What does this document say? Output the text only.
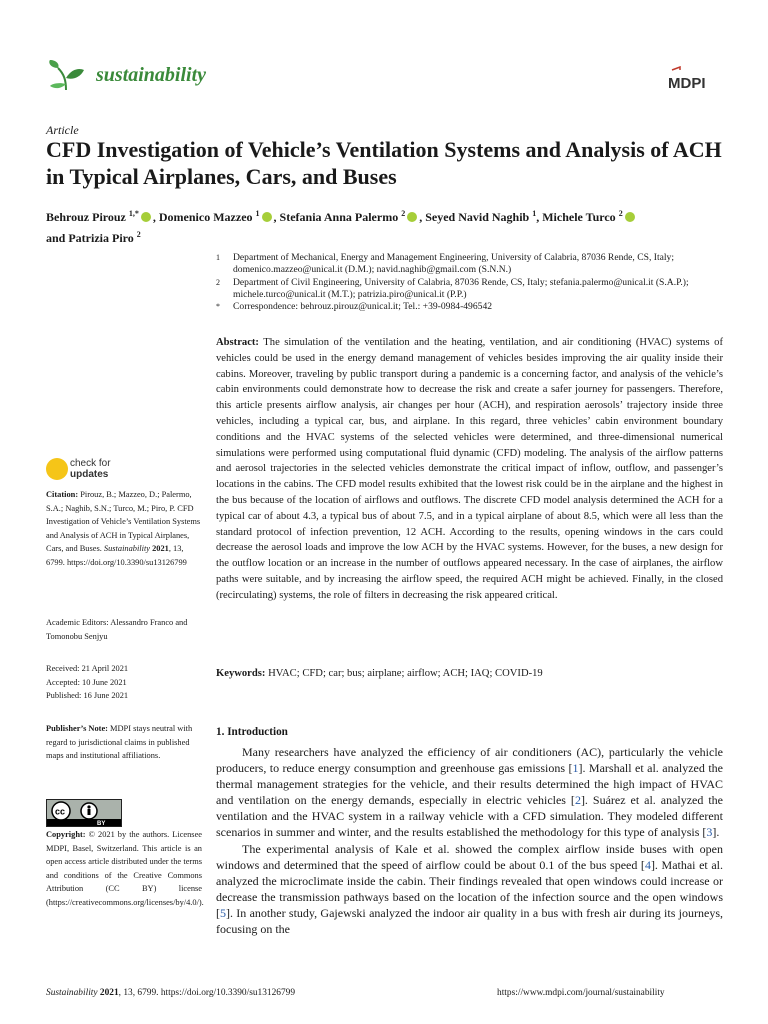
sustainability	MDPI
Article
CFD Investigation of Vehicle’s Ventilation Systems and Analysis of ACH in Typical Airplanes, Cars, and Buses
Behrouz Pirouz $^{1,*}$ , Domenico Mazzeo $^1$ , Stefania Anna Palermo $^2$ , Seyed Navid Naghib $^1$, Michele Turco $^2$
and Patrizia Piro $^2$
1	Department of Mechanical, Energy and Management Engineering, University of Calabria, 87036 Rende, CS, Italy; domenico.mazzeo@unical.it (D.M.); navid.naghib@gmail.com (S.N.N.)
2	Department of Civil Engineering, University of Calabria, 87036 Rende, CS, Italy; stefania.palermo@unical.it (S.A.P.); michele.turco@unical.it (M.T.); patrizia.piro@unical.it (P.P.)
*	Correspondence: behrouz.pirouz@unical.it; Tel.: +39-0984-496542
Abstract: The simulation of the ventilation and the heating, ventilation, and air conditioning (HVAC) systems of vehicles could be used in the energy demand management of vehicles besides improving the air quality inside their cabins. Moreover, traveling by public transport during a pandemic is a concerning factor, and analysis of the vehicle’s cabin environments could demonstrate how to decrease the risk and create a safer journey for passengers. Therefore, this article presents airflow analysis, air changes per hour (ACH), and respiration aerosols’ trajectory inside three vehicles, including a typical car, bus, and airplane. In this regard, three vehicles’ cabin environment boundary conditions and the HVAC systems of the selected vehicles were determined, and three-dimensional numerical simulations were performed using computational fluid dynamic (CFD) modeling. The analysis of the airflow patterns and aerosol trajectories in the selected vehicles demonstrate the critical impact of inflow, outflow, and passenger’s locations in the cabins. The CFD model results exhibited that the lowest risk could be in the airplane and the highest in the bus because of the location of airflows and outflows. The discrete CFD model analysis determined the ACH for a typical car of about 4.3, a typical bus of about 7.5, and in a typical airplane of about 8.5, which were all less than the standard protocol of infection prevention, 12 ACH. According to the results, opening windows in the cars could decrease the aerosol loads and improve the low ACH by the HVAC systems. However, for the buses, a new design for the outflow location or an increase in the number of outflows appeared necessary. In the case of airplanes, the airflow paths were suitable, and by increasing the airflow speed, the required ACH might be achieved. Finally, in the closed (recirculating) systems, the role of filters in decreasing the risk appeared critical.
Keywords: HVAC; CFD; car; bus; airplane; airflow; ACH; IAQ; COVID-19
check for
updates
Citation: Pirouz, B.; Mazzeo, D.; Palermo, S.A.; Naghib, S.N.; Turco, M.; Piro, P. CFD Investigation of Vehicle’s Ventilation Systems and Analysis of ACH in Typical Airplanes, Cars, and Buses. Sustainability 2021, 13, 6799. https://doi.org/10.3390/su13126799
Academic Editors: Alessandro Franco and Tomonobu Senjyu
Received: 21 April 2021
Accepted: 10 June 2021
Published: 16 June 2021
Publisher’s Note: MDPI stays neutral with regard to jurisdictional claims in published maps and institutional affiliations.
cc
BY
Copyright: © 2021 by the authors. Licensee MDPI, Basel, Switzerland. This article is an open access article distributed under the terms and conditions of the Creative Commons Attribution (CC BY) license (https://creativecommons.org/licenses/by/4.0/).
1. Introduction

Many researchers have analyzed the efficiency of air conditioners (AC), particularly the vehicle producers, to reduce energy consumption and greenhouse gas emissions [1]. Marshall et al. analyzed the thermal management strategies for the vehicle, and their results determined the high impact of HVAC and ventilation on the energy demands, especially in electric vehicles [2]. Suárez et al. analyzed the ventilation and the HVAC system in a railway vehicle with a CFD simulation. They modeled different scenarios in summer and winter, and the results established the methodology for this type of analysis [3].

The experimental analysis of Kale et al. showed the complex airflow inside buses with open windows and determined that the speed of airflow could be about 0.1 of the bus speed [4]. Mathai et al. analyzed the microclimate inside the cabin. Their findings revealed that open windows could increase or decrease the transmission pathways based on the location of the infection source and the open windows [5]. In another study, Gajewski analyzed the indoor air quality in a bus with fresh air during its journeys, focusing on the

Sustainability 2021, 13, 6799. https://doi.org/10.3390/su13126799	https://www.mdpi.com/journal/sustainability
